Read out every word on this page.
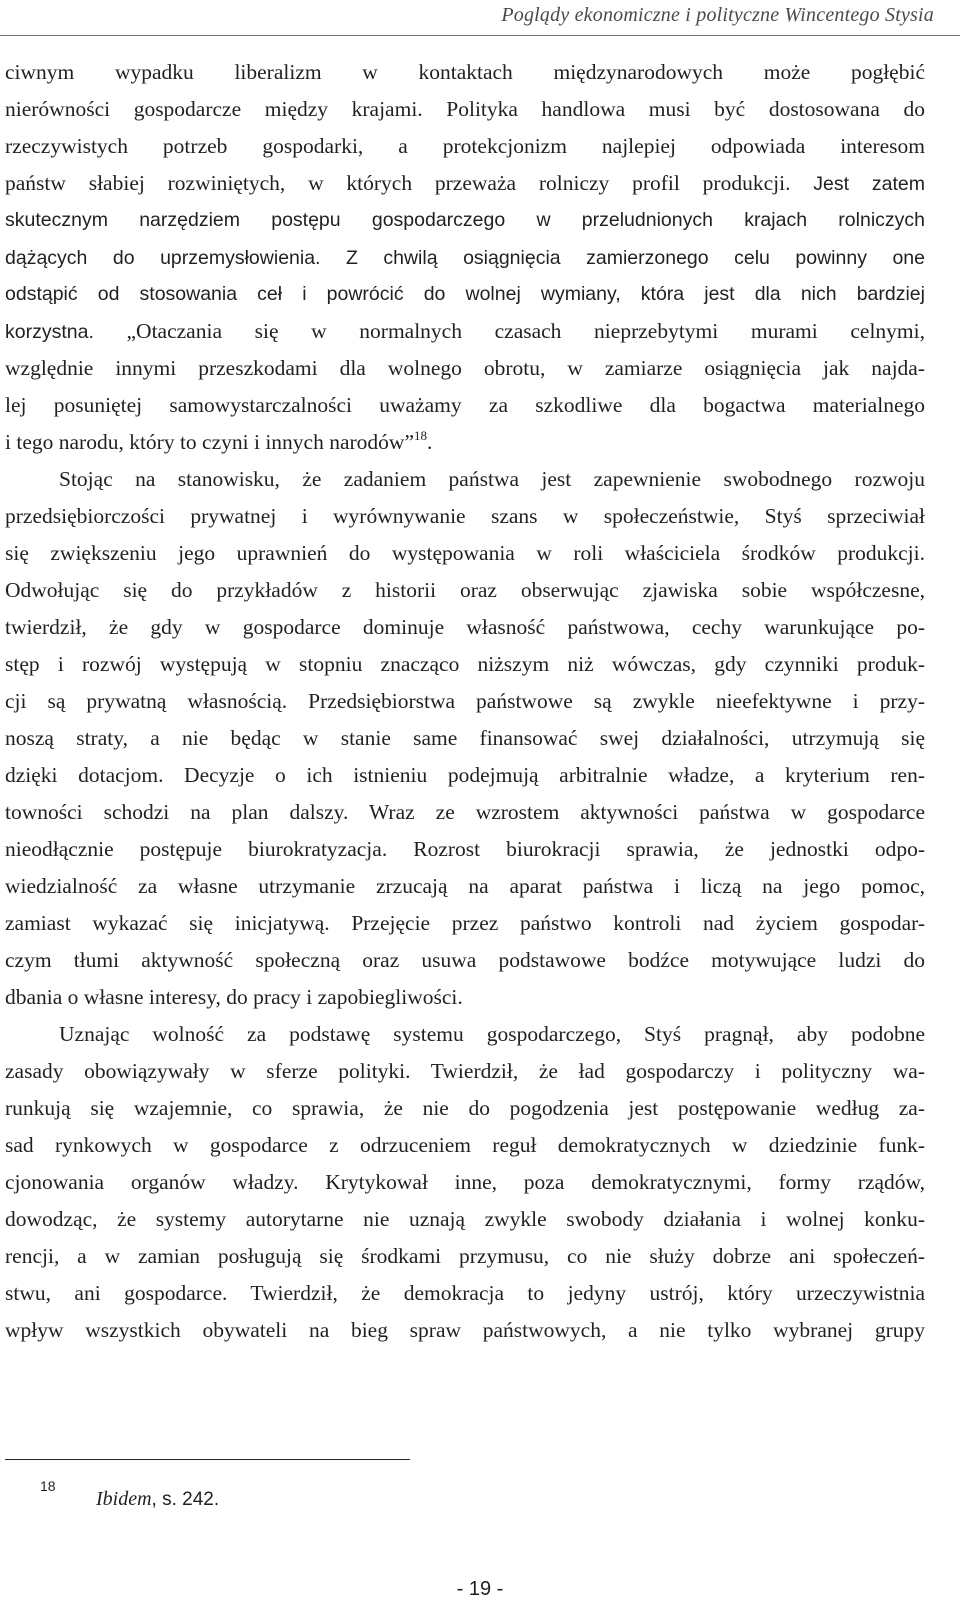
Poglądy ekonomiczne i polityczne Wincentego Stysia
ciwnym wypadku liberalizm w kontaktach międzynarodowych może pogłębić
nierówności gospodarcze między krajami. Polityka handlowa musi być dostosowana do
rzeczywistych potrzeb gospodarki, a protekcjonizm najlepiej odpowiada interesom
państw słabiej rozwiniętych, w których przeważa rolniczy profil produkcji. Jest zatem
skutecznym narzędziem postępu gospodarczego w przeludnionych krajach rolniczych
dążących do uprzemysłowienia. Z chwilą osiągnięcia zamierzonego celu powinny one
odstąpić od stosowania ceł i powrócić do wolnej wymiany, która jest dla nich bardziej
korzystna. „Otaczania się w normalnych czasach nieprzebytymi murami celnymi,
względnie innymi przeszkodami dla wolnego obrotu, w zamiarze osiągnięcia jak najda-
lej posuniętej samowystarczalności uważamy za szkodliwe dla bogactwa materialnego
i tego narodu, który to czyni i innych narodów”$^{18}$.
Stojąc na stanowisku, że zadaniem państwa jest zapewnienie swobodnego rozwoju
przedsiębiorczości prywatnej i wyrównywanie szans w społeczeństwie, Styś sprzeciwiał
się zwiększeniu jego uprawnień do występowania w roli właściciela środków produkcji.
Odwołując się do przykładów z historii oraz obserwując zjawiska sobie współczesne,
twierdził, że gdy w gospodarce dominuje własność państwowa, cechy warunkujące po-
stęp i rozwój występują w stopniu znacząco niższym niż wówczas, gdy czynniki produk-
cji są prywatną własnością. Przedsiębiorstwa państwowe są zwykle nieefektywne i przy-
noszą straty, a nie będąc w stanie same finansować swej działalności, utrzymują się
dzięki dotacjom. Decyzje o ich istnieniu podejmują arbitralnie władze, a kryterium ren-
towności schodzi na plan dalszy. Wraz ze wzrostem aktywności państwa w gospodarce
nieodłącznie postępuje biurokratyzacja. Rozrost biurokracji sprawia, że jednostki odpo-
wiedzialność za własne utrzymanie zrzucają na aparat państwa i liczą na jego pomoc,
zamiast wykazać się inicjatywą. Przejęcie przez państwo kontroli nad życiem gospodar-
czym tłumi aktywność społeczną oraz usuwa podstawowe bodźce motywujące ludzi do
dbania o własne interesy, do pracy i zapobiegliwości.
Uznając wolność za podstawę systemu gospodarczego, Styś pragnął, aby podobne
zasady obowiązywały w sferze polityki. Twierdził, że ład gospodarczy i polityczny wa-
runkują się wzajemnie, co sprawia, że nie do pogodzenia jest postępowanie według za-
sad rynkowych w gospodarce z odrzuceniem reguł demokratycznych w dziedzinie funk-
cjonowania organów władzy. Krytykował inne, poza demokratycznymi, formy rządów,
dowodząc, że systemy autorytarne nie uznają zwykle swobody działania i wolnej konku-
rencji, a w zamian posługują się środkami przymusu, co nie służy dobrze ani społeczeń-
stwu, ani gospodarce. Twierdził, że demokracja to jedyny ustrój, który urzeczywistnia
wpływ wszystkich obywateli na bieg spraw państwowych, a nie tylko wybranej grupy
18
Ibidem, s. 242.
- 19 -
